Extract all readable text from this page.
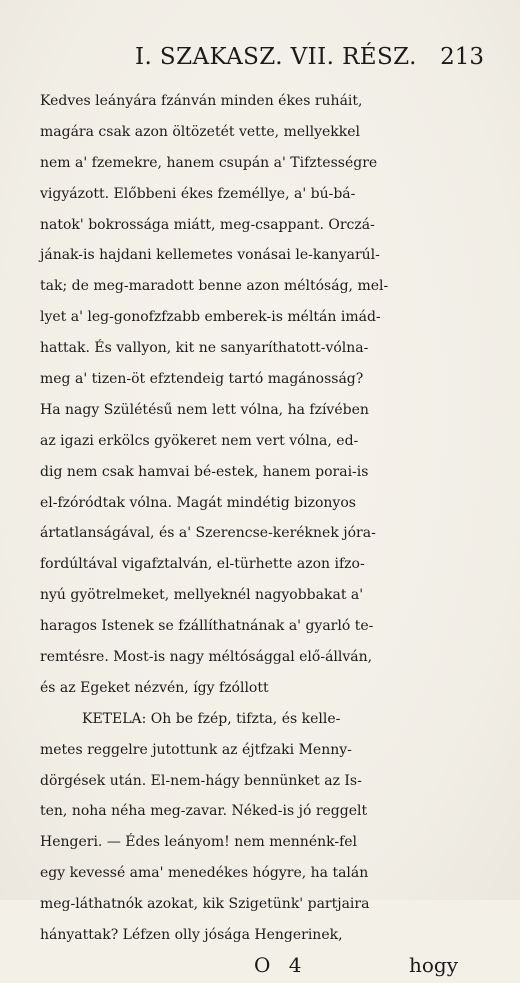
I. SZAKASZ. VII. RÉSZ. 213
Kedves leányára fzánván minden ékes ruháit,
magára csak azon öltözetét vette, mellyekkel
nem a' fzemekre, hanem csupán a' Tifztességre
vigyázott. Előbbeni ékes fzeméllye, a' bú-bá-
natok' bokrossága miátt, meg-csappant. Orczá-
jának-is hajdani kellemetes vonásai le-kanyarúl-
tak; de meg-maradott benne azon méltóság, mel-
lyet a' leg-gonofzfzabb emberek-is méltán imád-
hattak. És vallyon, kit ne sanyaríthatott-vólna-
meg a' tizen-öt efztendeig tartó magánosság?
Ha nagy Szülétésű nem lett vólna, ha fzívében
az igazi erkölcs gyökeret nem vert vólna, ed-
dig nem csak hamvai bé-estek, hanem porai-is
el-fzóródtak vólna. Magát mindétig bizonyos
ártatlanságával, és a' Szerencse-keréknek jóra-
fordúltával vigafztalván, el-türhette azon ifzo-
nyú gyötrelmeket, mellyeknél nagyobbakat a'
haragos Istenek se fzállíthatnának a' gyarló te-
remtésre. Most-is nagy méltósággal elő-állván,
és az Egeket nézvén, így fzóllott
KETELA: Oh be fzép, tifzta, és kelle-
metes reggelre jutottunk az éjtfzaki Menny-
dörgések után. El-nem-hágy bennünket az Is-
ten, noha néha meg-zavar. Néked-is jó reggelt
Hengeri. — Édes leányom! nem mennénk-fel
egy kevessé ama' menedékes hógyre, ha talán
meg-láthatnók azokat, kik Szigetünk' partjaira
hányattak? Léfzen olly jósága Hengerinek,
O 4	hogy
